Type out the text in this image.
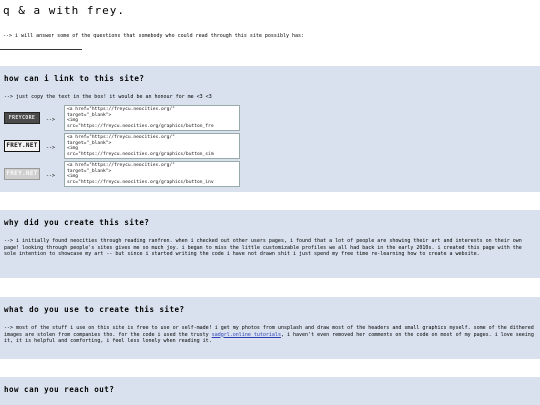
q & a with frey.

--> i will answer some of the questions that somebody who could read through this site possibly has:

how can i link to this site?

--> just copy the text in the box! it would be an honour for me <3 <3

FREYCORE	-->
<a href="https://freycu.neocities.org/"
target="_blank">
<img
src="https://freycu.neocities.org/graphics/button_fre
FREY.NET	-->
<a href="https://freycu.neocities.org/"
target="_blank">
<img
src="https://freycu.neocities.org/graphics/button_sim
FREY.NET	-->
<a href="https://freycu.neocities.org/"
target="_blank">
<img
src="https://freycu.neocities.org/graphics/button_inv
why did you create this site?

--> i initially found neocities through reading ranfren. when i checked out other users pages, i found that a lot of people are showing their art and interests on their own page! looking through people's sites gives me so much joy. i began to miss the little customizable profiles we all had back in the early 2010s. i created this page with the sole intention to showcase my art -- but since i started writing the code i have not drawn shit i just spend my free time re-learning how to create a website.

what do you use to create this site?

--> most of the stuff i use on this site is free to use or self-made! i get my photos from unsplash and draw most of the headers and small graphics myself. some of the dithered images are stolen from companies tho. for the code i used the trusty sadgrl.online tutorials, i haven't even removed her comments on the code on most of my pages. i love seeing it, it is helpful and comforting, i feel less lonely when reading it.

how can you reach out?
